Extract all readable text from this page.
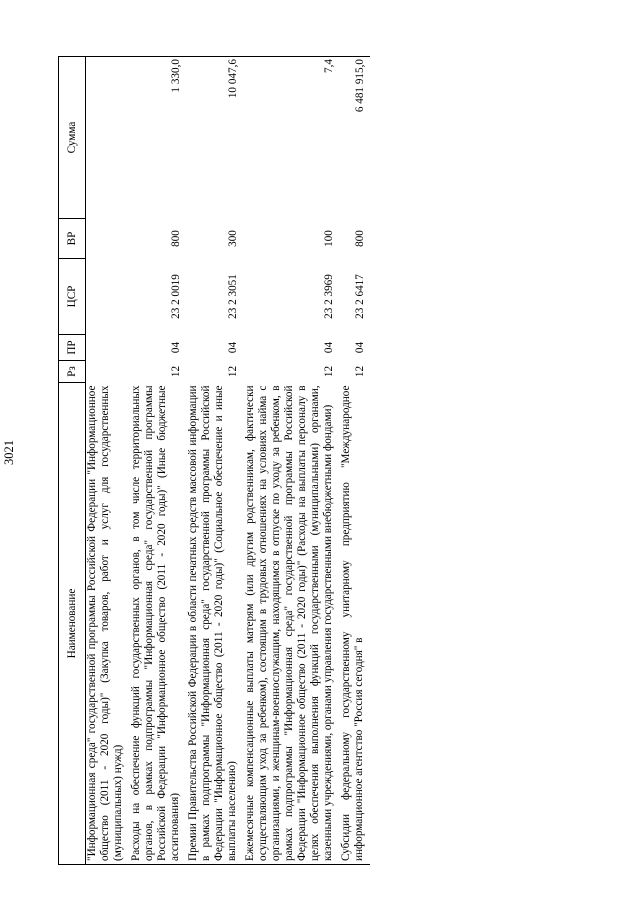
3021
Наименование	Рз	ПР	ЦСР	ВР	Сумма
"Информационная среда" государственной программы Российской Федерации "Информационное общество (2011 - 2020 годы)" (Закупка товаров, работ и услуг для государственных (муниципальных) нужд)					
Расходы на обеспечение функций государственных органов, в том числе территориальных органов, в рамках подпрограммы "Информационная среда" государственной программы Российской Федерации "Информационное общество (2011 - 2020 годы)" (Иные бюджетные ассигнования)	12	04	23 2 0019	800	1 330,0
Премии Правительства Российской Федерации в области печатных средств массовой информации в рамках подпрограммы "Информационная среда" государственной программы Российской Федерации "Информационное общество (2011 - 2020 годы)" (Социальное обеспечение и иные выплаты населению)	12	04	23 2 3051	300	10 047,6
Ежемесячные компенсационные выплаты матерям (или другим родственникам, фактически осуществляющим уход за ребенком), состоящим в трудовых отношениях на условиях найма с организациями, и женщинам-военнослужащим, находящимся в отпуске по уходу за ребенком, в рамках подпрограммы "Информационная среда" государственной программы Российской Федерации "Информационное общество (2011 - 2020 годы)" (Расходы на выплаты персоналу в целях обеспечения выполнения функций государственными (муниципальными) органами, казенными учреждениями, органами управления государственными внебюджетными фондами)	12	04	23 2 3969	100	7,4
Субсидии федеральному государственному унитарному предприятию "Международное информационное агентство "Россия сегодня" в	12	04	23 2 6417	800	6 481 915,0
